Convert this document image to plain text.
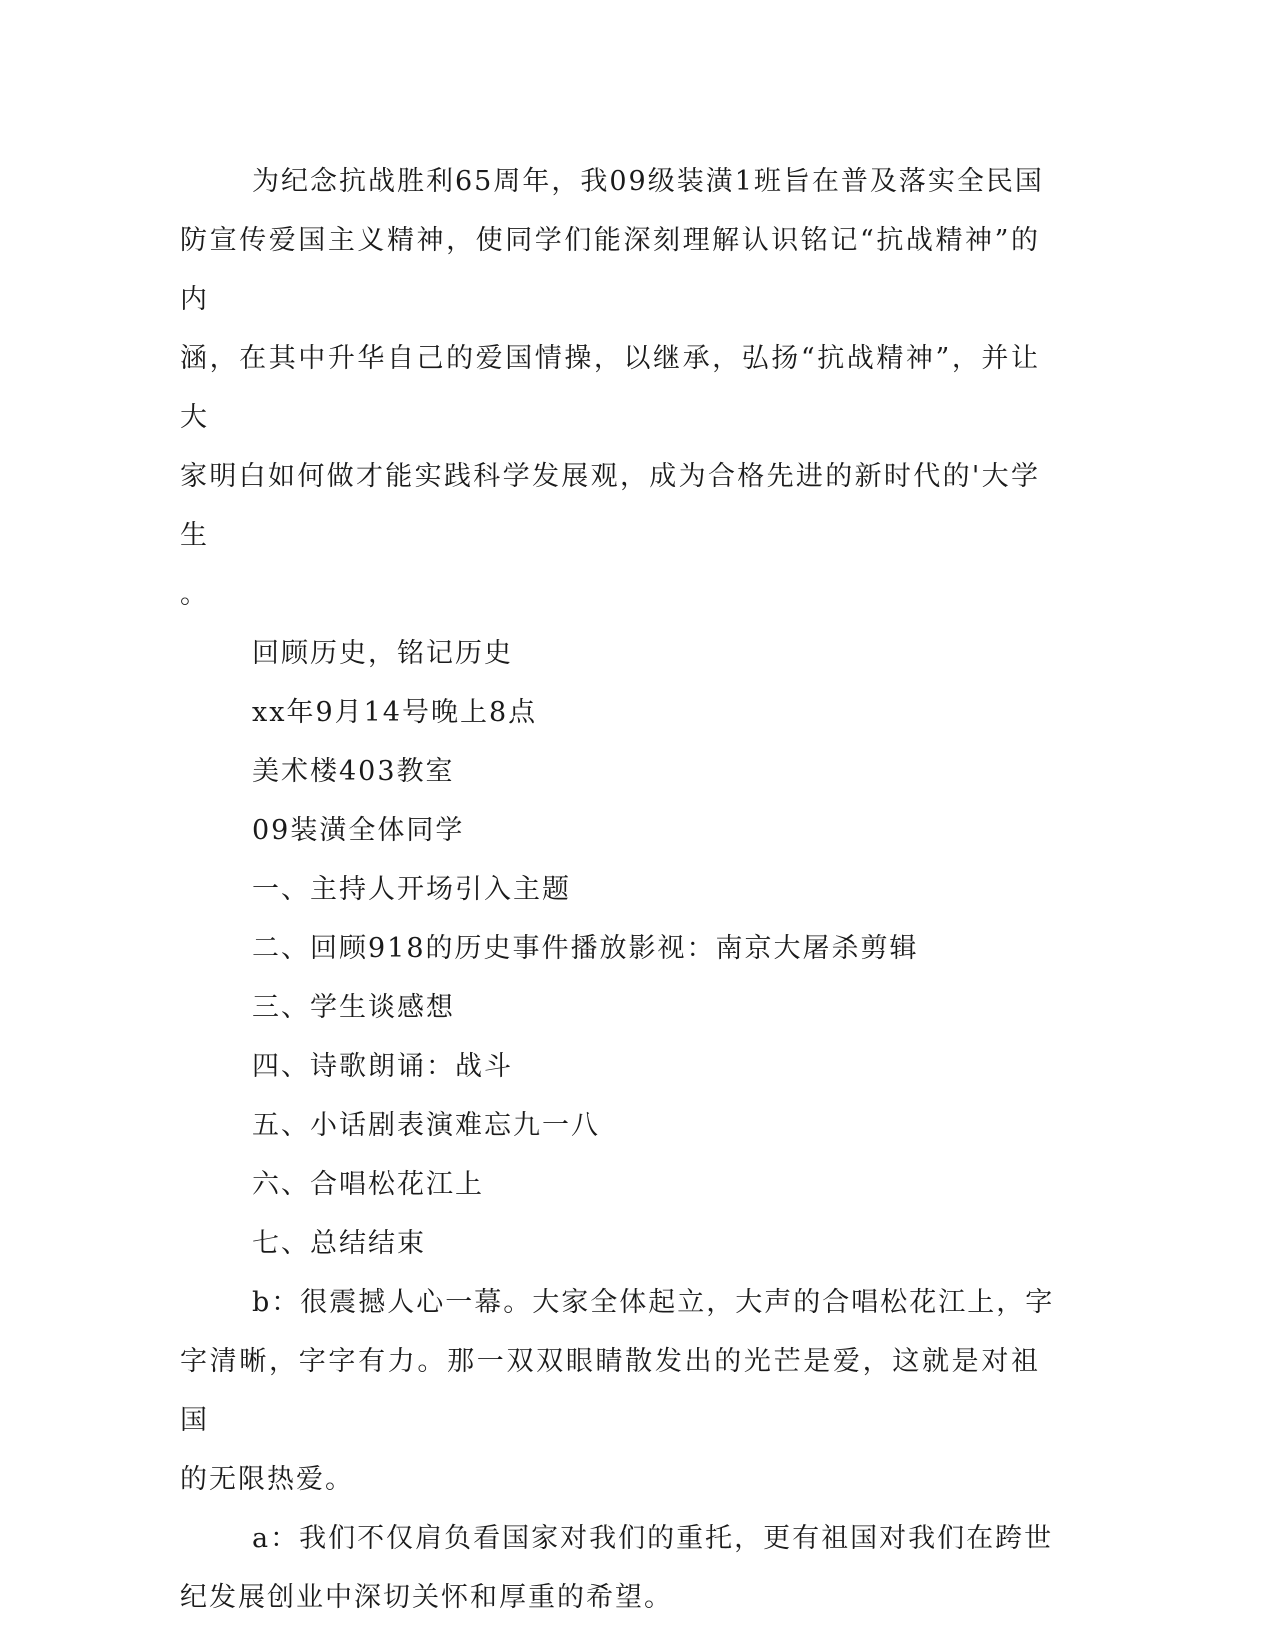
为纪念抗战胜利65周年，我09级装潢1班旨在普及落实全民国
防宣传爱国主义精神，使同学们能深刻理解认识铭记“抗战精神”的内
涵，在其中升华自己的爱国情操，以继承，弘扬“抗战精神”，并让大
家明白如何做才能实践科学发展观，成为合格先进的新时代的'大学生
。
回顾历史，铭记历史
xx年9月14号晚上8点
美术楼403教室
09装潢全体同学
一、主持人开场引入主题
二、回顾918的历史事件播放影视：南京大屠杀剪辑
三、学生谈感想
四、诗歌朗诵：战斗
五、小话剧表演难忘九一八
六、合唱松花江上
七、总结结束
b：很震撼人心一幕。大家全体起立，大声的合唱松花江上，字
字清晰，字字有力。那一双双眼睛散发出的光芒是爱，这就是对祖国
的无限热爱。
a：我们不仅肩负看国家对我们的重托，更有祖国对我们在跨世
纪发展创业中深切关怀和厚重的希望。
